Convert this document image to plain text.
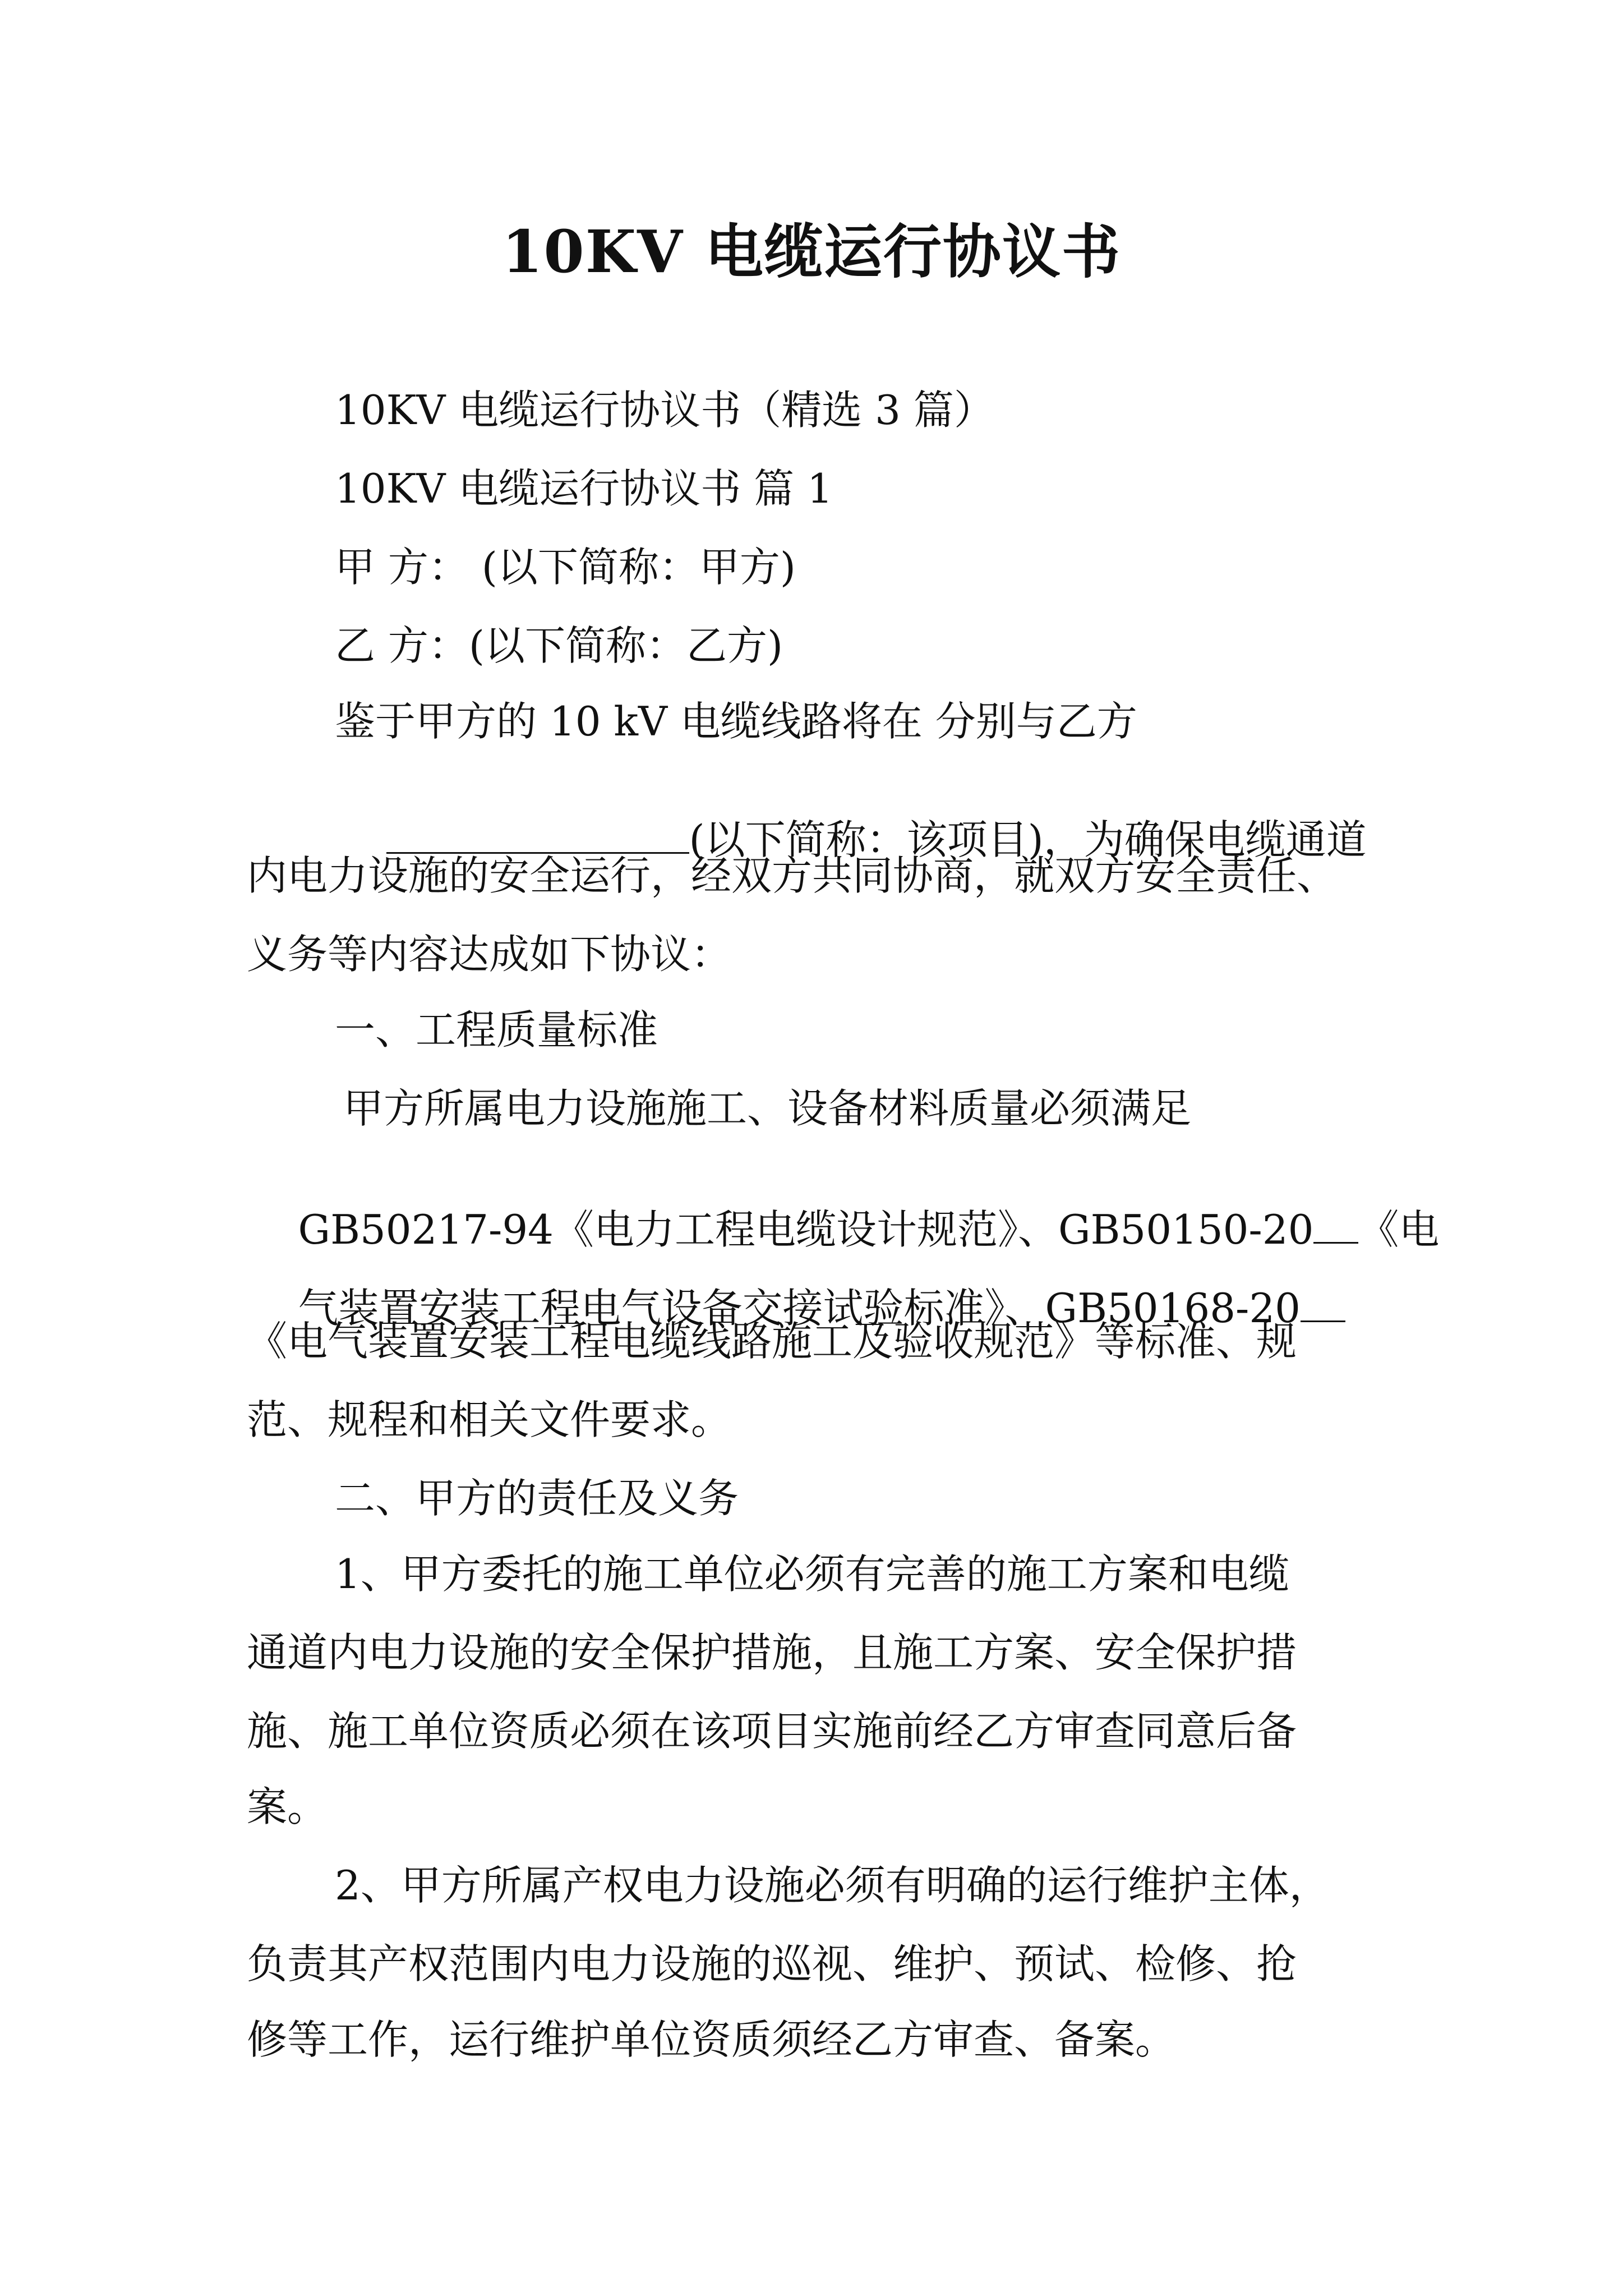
10KV 电缆运行协议书
10KV 电缆运行协议书（精选 3 篇）
10KV 电缆运行协议书 篇 1
甲 方： (以下简称：甲方)
乙 方：(以下简称：乙方)
鉴于甲方的 10 kV 电缆线路将在 分别与乙方

(以下简称：该项目)，为确保电缆通道

内电力设施的安全运行，经双方共同协商，就双方安全责任、
义务等内容达成如下协议：
一、工程质量标准
甲方所属电力设施施工、设备材料质量必须满足

GB50217-94《电力工程电缆设计规范》、GB50150-20 《电

气装置安装工程电气设备交接试验标准》、GB50168-20

《电气装置安装工程电缆线路施工及验收规范》等标准、规
范、规程和相关文件要求。
二、甲方的责任及义务
1、甲方委托的施工单位必须有完善的施工方案和电缆
通道内电力设施的安全保护措施，且施工方案、安全保护措
施、施工单位资质必须在该项目实施前经乙方审查同意后备
案。
2、甲方所属产权电力设施必须有明确的运行维护主体，
负责其产权范围内电力设施的巡视、维护、预试、检修、抢
修等工作，运行维护单位资质须经乙方审查、备案。
